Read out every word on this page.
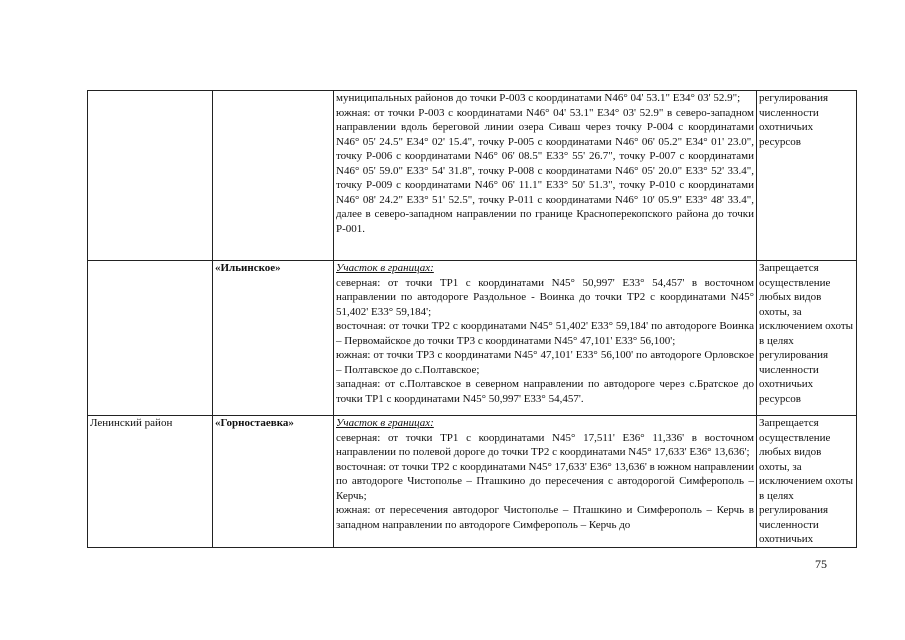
		муниципальных районов до точки Р-003 с координатами N46° 04' 53.1" E34° 03' 52.9";
южная: от точки Р-003 с координатами N46° 04' 53.1" E34° 03' 52.9" в северо-западном направлении вдоль береговой линии озера Сиваш через точку Р-004 с координатами N46° 05' 24.5" E34° 02' 15.4", точку Р-005 с координатами N46° 06' 05.2" E34° 01' 23.0", точку Р-006 с координатами N46° 06' 08.5" E33° 55' 26.7", точку Р-007 с координатами N46° 05' 59.0" E33° 54' 31.8", точку Р-008 с координатами N46° 05' 20.0" E33° 52' 33.4", точку Р-009 с координатами N46° 06' 11.1" E33° 50' 51.3", точку Р-010 с координатами N46° 08' 24.2" E33° 51' 52.5", точку Р-011 с координатами N46° 10' 05.9" E33° 48' 33.4", далее в северо-западном направлении по границе Красноперекопского района до точки Р-001.	регулирования численности охотничьих ресурсов
	«Ильинское»	Участок в границах:
северная: от точки ТР1 с координатами N45° 50,997' E33° 54,457' в восточном направлении по автодороге Раздольное - Воинка до точки ТР2 с координатами N45° 51,402' E33° 59,184';
восточная: от точки ТР2 с координатами N45° 51,402' E33° 59,184' по автодороге Воинка – Первомайское до точки ТР3 с координатами N45° 47,101' E33° 56,100';
южная: от точки ТР3 с координатами N45° 47,101' E33° 56,100' по автодороге Орловское – Полтавское до с.Полтавское;
западная: от с.Полтавское в северном направлении по автодороге через с.Братское до точки ТР1 с координатами N45° 50,997' E33° 54,457'.	Запрещается осуществление любых видов охоты, за исключением охоты в целях регулирования численности охотничьих ресурсов
Ленинский район	«Горностаевка»	Участок в границах:
северная: от точки ТР1 с координатами N45° 17,511' E36° 11,336' в восточном направлении по полевой дороге до точки ТР2 с координатами N45° 17,633' E36° 13,636';
восточная: от точки ТР2 с координатами N45° 17,633' E36° 13,636' в южном направлении по автодороге Чистополье – Пташкино до пересечения с автодорогой Симферополь – Керчь;
южная: от пересечения автодорог Чистополье – Пташкино и Симферополь – Керчь в западном направлении по автодороге Симферополь – Керчь до	Запрещается осуществление любых видов охоты, за исключением охоты в целях регулирования численности охотничьих
75
